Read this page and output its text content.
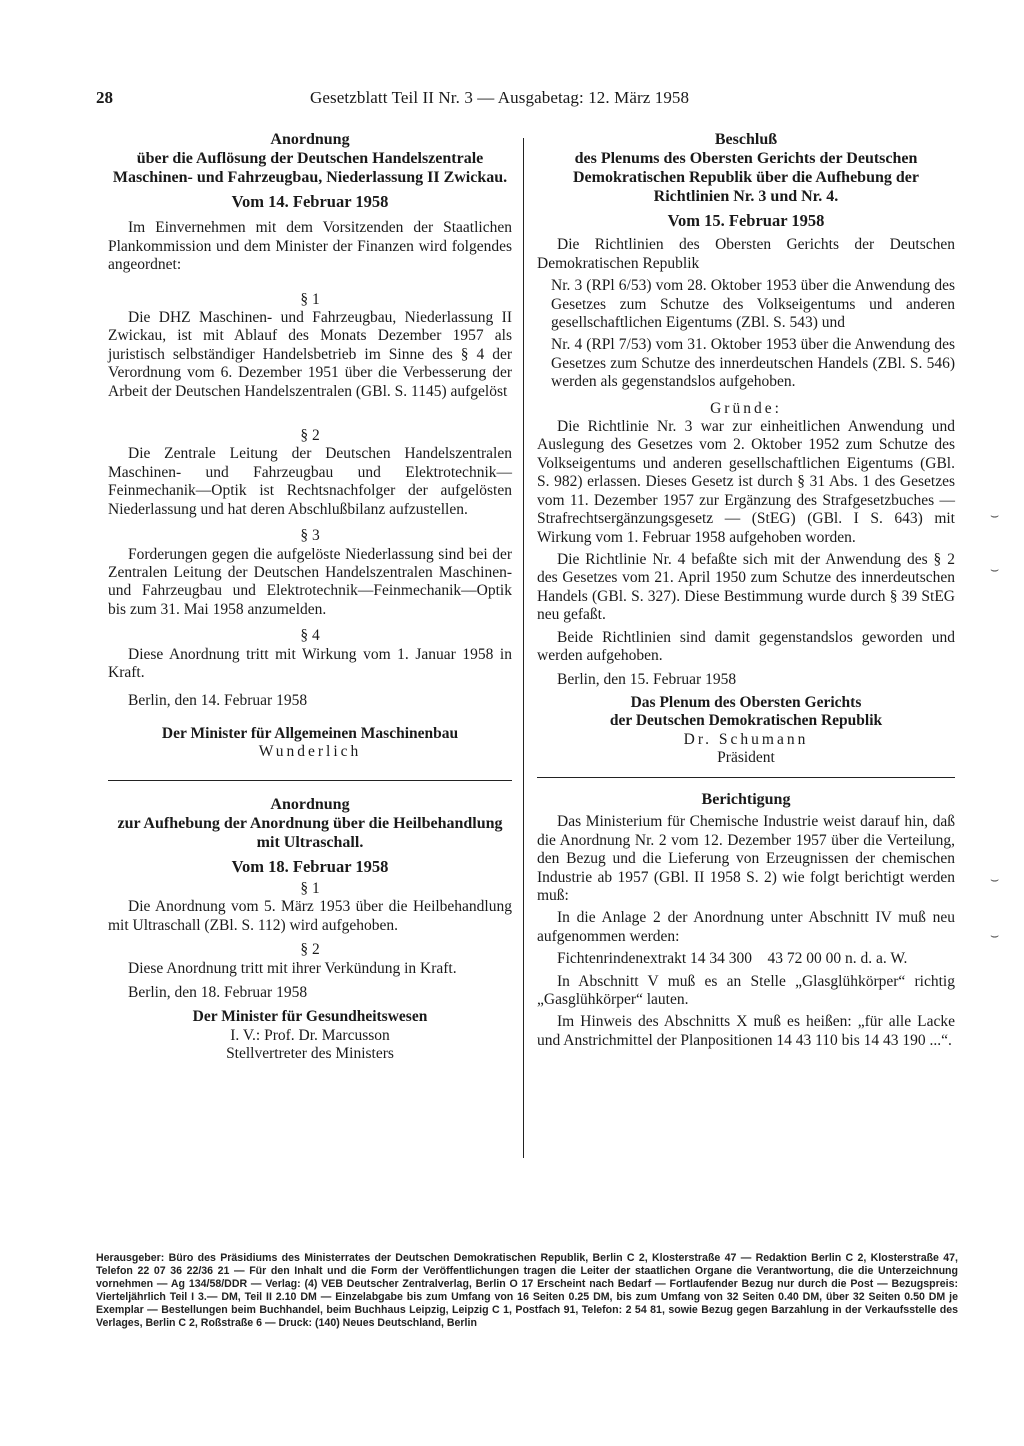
28	Gesetzblatt Teil II Nr. 3 — Ausgabetag: 12. März 1958
Anordnung
über die Auflösung der Deutschen Handelszentrale Maschinen- und Fahrzeugbau, Niederlassung II Zwickau.
Vom 14. Februar 1958

Im Einvernehmen mit dem Vorsitzenden der Staatlichen Plankommission und dem Minister der Finanzen wird folgendes angeordnet:

§ 1

Die DHZ Maschinen- und Fahrzeugbau, Niederlassung II Zwickau, ist mit Ablauf des Monats Dezember 1957 als juristisch selbständiger Handelsbetrieb im Sinne des § 4 der Verordnung vom 6. Dezember 1951 über die Verbesserung der Arbeit der Deutschen Handelszentralen (GBl. S. 1145) aufgelöst

§ 2

Die Zentrale Leitung der Deutschen Handelszentralen Maschinen- und Fahrzeugbau und Elektrotechnik—Feinmechanik—Optik ist Rechtsnachfolger der aufgelösten Niederlassung und hat deren Abschlußbilanz aufzustellen.

§ 3

Forderungen gegen die aufgelöste Niederlassung sind bei der Zentralen Leitung der Deutschen Handelszentralen Maschinen- und Fahrzeugbau und Elektrotechnik—Feinmechanik—Optik bis zum 31. Mai 1958 anzumelden.

§ 4

Diese Anordnung tritt mit Wirkung vom 1. Januar 1958 in Kraft.

Berlin, den 14. Februar 1958

Der Minister für Allgemeinen Maschinenbau
Wunderlich
Anordnung
zur Aufhebung der Anordnung über die Heilbehandlung mit Ultraschall.
Vom 18. Februar 1958
§ 1

Die Anordnung vom 5. März 1953 über die Heilbehandlung mit Ultraschall (ZBl. S. 112) wird aufgehoben.

§ 2

Diese Anordnung tritt mit ihrer Verkündung in Kraft.

Berlin, den 18. Februar 1958

Der Minister für Gesundheitswesen
I. V.: Prof. Dr. Marcusson
Stellvertreter des Ministers
Beschluß
des Plenums des Obersten Gerichts der Deutschen Demokratischen Republik über die Aufhebung der Richtlinien Nr. 3 und Nr. 4.
Vom 15. Februar 1958

Die Richtlinien des Obersten Gerichts der Deutschen Demokratischen Republik

Nr. 3 (RPl 6/53) vom 28. Oktober 1953 über die Anwendung des Gesetzes zum Schutze des Volkseigentums und anderen gesellschaftlichen Eigentums (ZBl. S. 543) und

Nr. 4 (RPl 7/53) vom 31. Oktober 1953 über die Anwendung des Gesetzes zum Schutze des innerdeutschen Handels (ZBl. S. 546) werden als gegenstandslos aufgehoben.

Gründe:

Die Richtlinie Nr. 3 war zur einheitlichen Anwendung und Auslegung des Gesetzes vom 2. Oktober 1952 zum Schutze des Volkseigentums und anderen gesellschaftlichen Eigentums (GBl. S. 982) erlassen. Dieses Gesetz ist durch § 31 Abs. 1 des Gesetzes vom 11. Dezember 1957 zur Ergänzung des Strafgesetzbuches — Strafrechtsergänzungsgesetz — (StEG) (GBl. I S. 643) mit Wirkung vom 1. Februar 1958 aufgehoben worden.

Die Richtlinie Nr. 4 befaßte sich mit der Anwendung des § 2 des Gesetzes vom 21. April 1950 zum Schutze des innerdeutschen Handels (GBl. S. 327). Diese Bestimmung wurde durch § 39 StEG neu gefaßt.

Beide Richtlinien sind damit gegenstandslos geworden und werden aufgehoben.

Berlin, den 15. Februar 1958

Das Plenum des Obersten Gerichts
der Deutschen Demokratischen Republik
Dr. Schumann
Präsident
Berichtigung

Das Ministerium für Chemische Industrie weist darauf hin, daß die Anordnung Nr. 2 vom 12. Dezember 1957 über die Verteilung, den Bezug und die Lieferung von Erzeugnissen der chemischen Industrie ab 1957 (GBl. II 1958 S. 2) wie folgt berichtigt werden muß:

In die Anlage 2 der Anordnung unter Abschnitt IV muß neu aufgenommen werden:

Fichtenrindenextrakt 14 34 300    43 72 00 00 n. d. a. W.

In Abschnitt V muß es an Stelle „Glasglühkörper“ richtig „Gasglühkörper“ lauten.

Im Hinweis des Abschnitts X muß es heißen: „für alle Lacke und Anstrichmittel der Planpositionen 14 43 110 bis 14 43 190 ...“.

⌣
⌣
⌣
⌣
Herausgeber: Büro des Präsidiums des Ministerrates der Deutschen Demokratischen Republik, Berlin C 2, Klosterstraße 47 — Redaktion Berlin C 2, Klosterstraße 47, Telefon 22 07 36 22/36 21 — Für den Inhalt und die Form der Veröffentlichungen tragen die Leiter der staatlichen Organe die Verantwortung, die die Unterzeichnung vornehmen — Ag 134/58/DDR — Verlag: (4) VEB Deutscher Zentralverlag, Berlin O 17 Erscheint nach Bedarf — Fortlaufender Bezug nur durch die Post — Bezugspreis: Vierteljährlich Teil I 3.— DM, Teil II 2.10 DM — Einzelabgabe bis zum Umfang von 16 Seiten 0.25 DM, bis zum Umfang von 32 Seiten 0.40 DM, über 32 Seiten 0.50 DM je Exemplar — Bestellungen beim Buchhandel, beim Buchhaus Leipzig, Leipzig C 1, Postfach 91, Telefon: 2 54 81, sowie Bezug gegen Barzahlung in der Verkaufsstelle des Verlages, Berlin C 2, Roßstraße 6 — Druck: (140) Neues Deutschland, Berlin
